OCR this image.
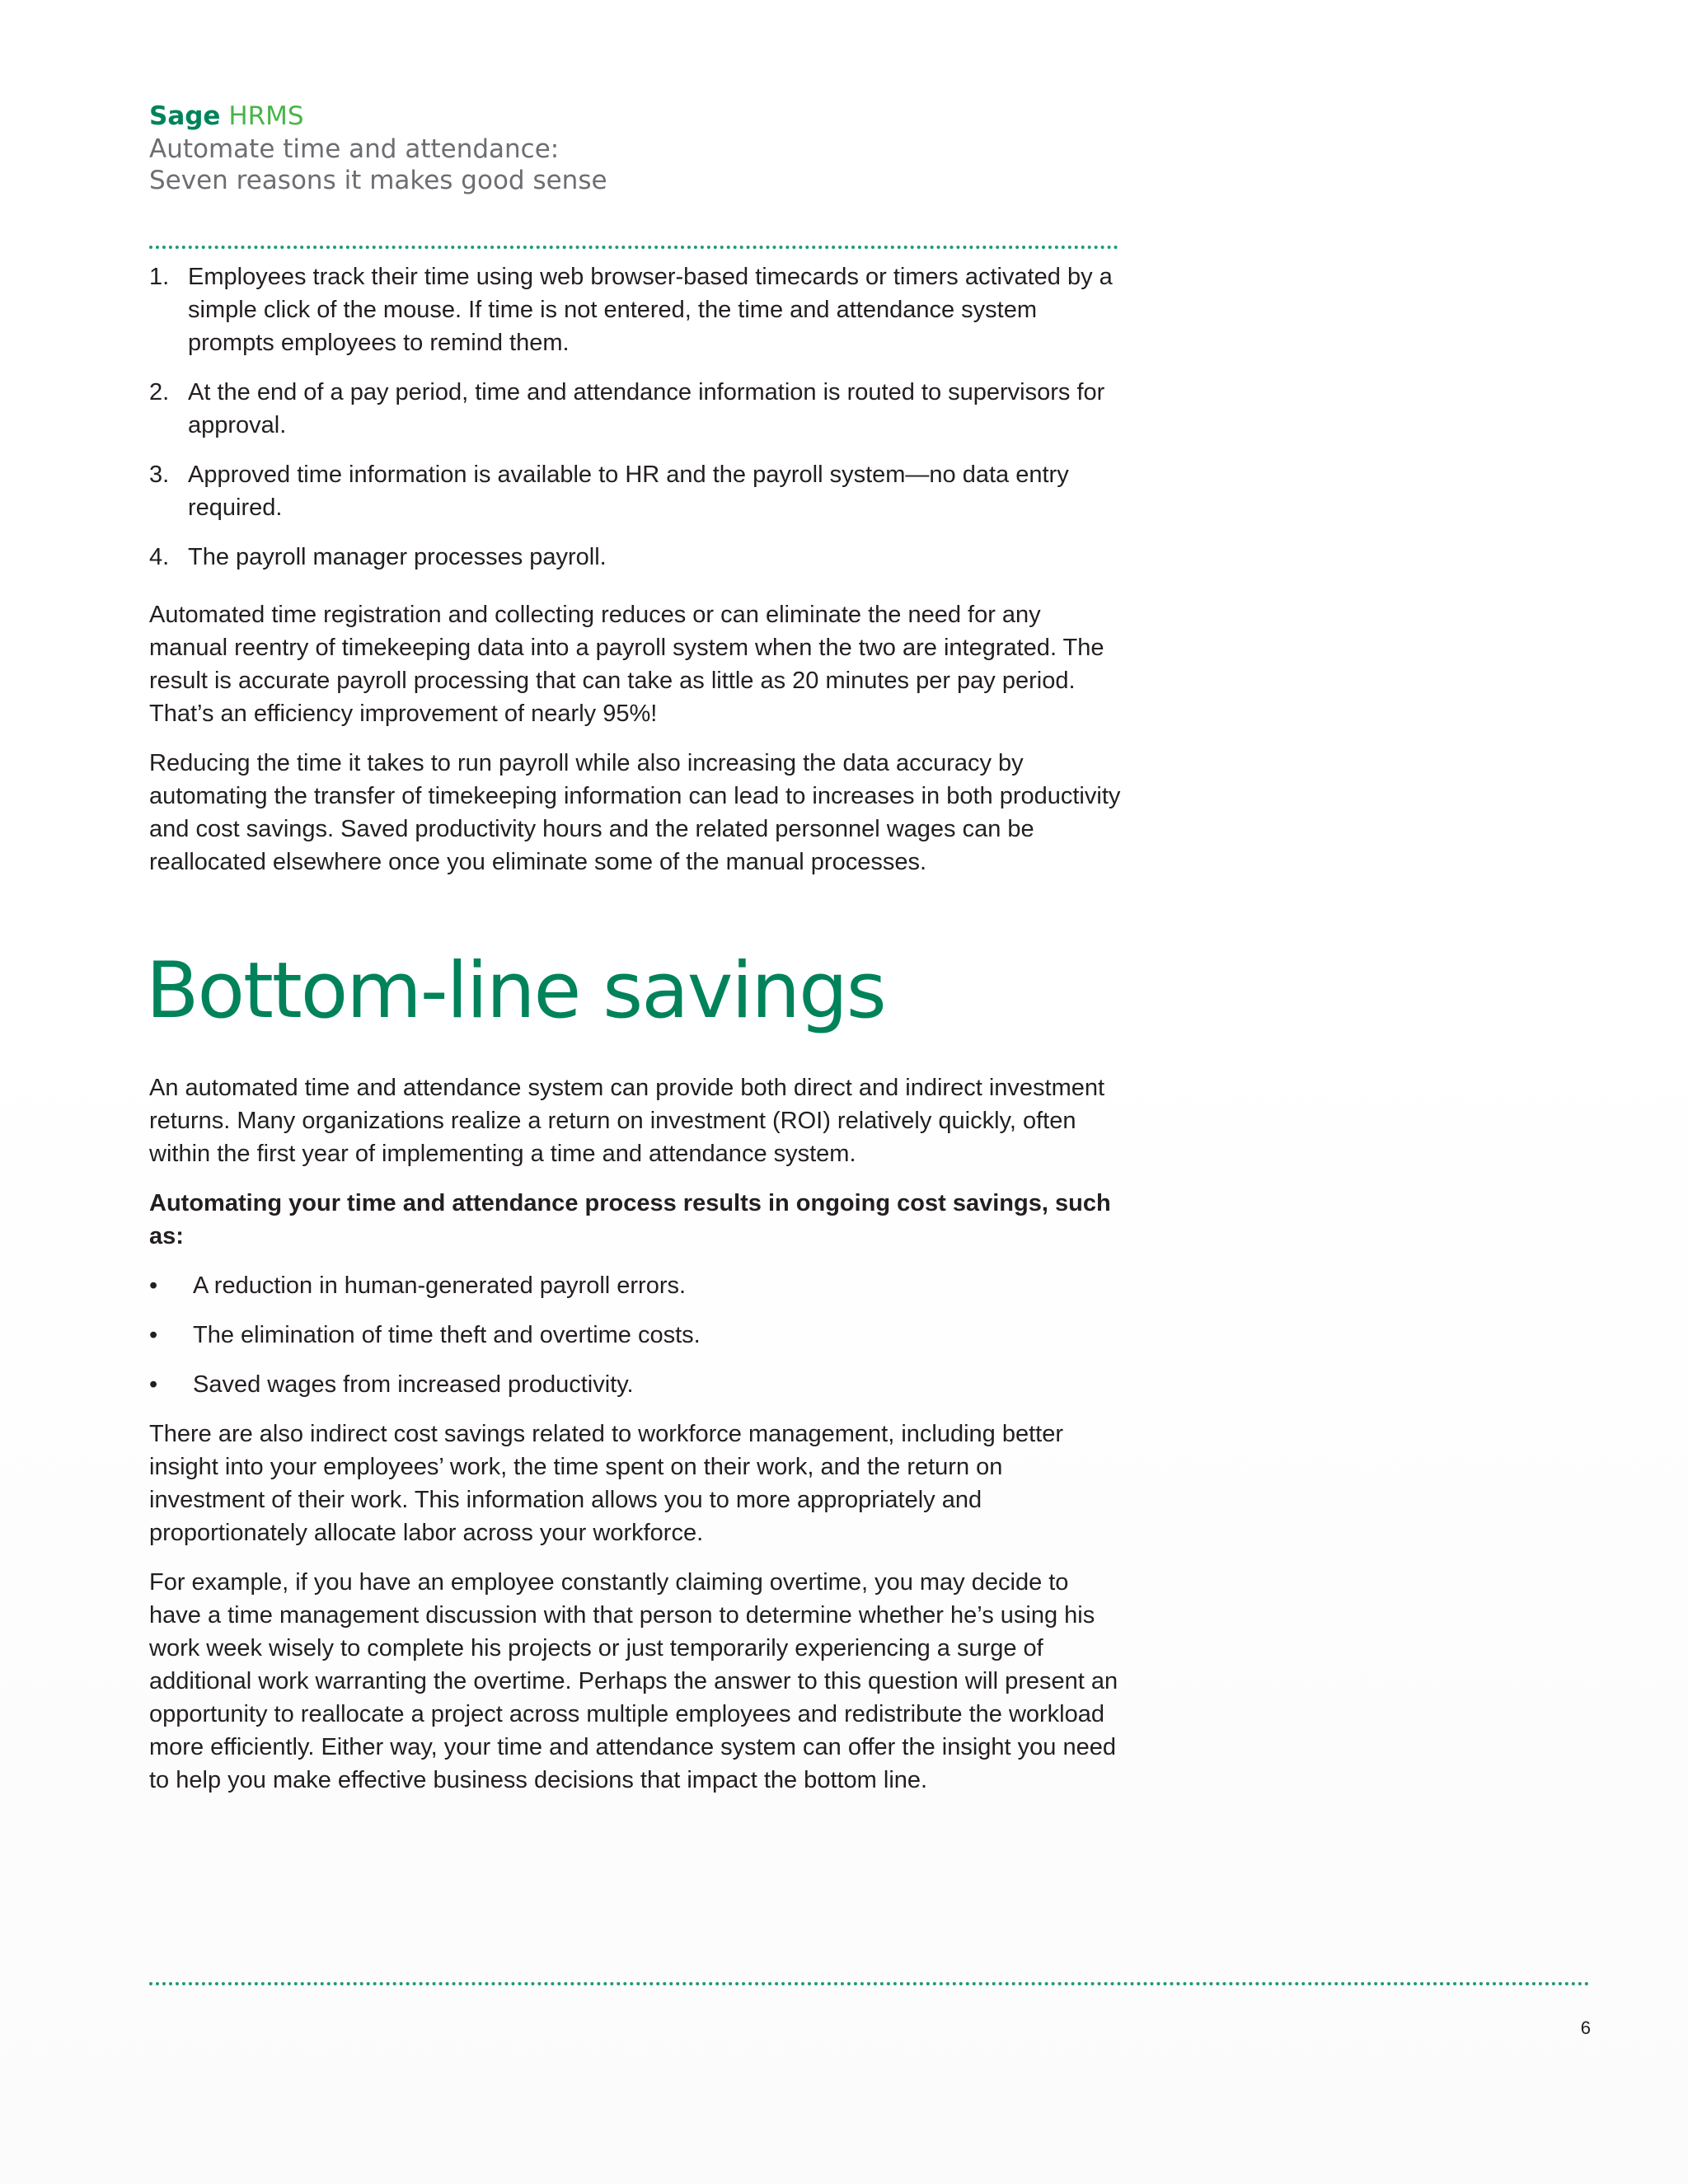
Sage HRMS

Automate time and attendance:

Seven reasons it makes good sense

1. Employees track their time using web browser-based timecards or timers activated by a simple click of the mouse. If time is not entered, the time and attendance system prompts employees to remind them.
2. At the end of a pay period, time and attendance information is routed to supervisors for approval.
3. Approved time information is available to HR and the payroll system—no data entry required.
4. The payroll manager processes payroll.

Automated time registration and collecting reduces or can eliminate the need for any manual reentry of timekeeping data into a payroll system when the two are integrated. The result is accurate payroll processing that can take as little as 20 minutes per pay period. That’s an efficiency improvement of nearly 95%!

Reducing the time it takes to run payroll while also increasing the data accuracy by automating the transfer of timekeeping information can lead to increases in both productivity and cost savings. Saved productivity hours and the related personnel wages can be reallocated elsewhere once you eliminate some of the manual processes.

Bottom-line savings

An automated time and attendance system can provide both direct and indirect investment returns. Many organizations realize a return on investment (ROI) relatively quickly, often within the first year of implementing a time and attendance system.

Automating your time and attendance process results in ongoing cost savings, such as:

• A reduction in human-generated payroll errors.
• The elimination of time theft and overtime costs.
• Saved wages from increased productivity.

There are also indirect cost savings related to workforce management, including better insight into your employees’ work, the time spent on their work, and the return on investment of their work. This information allows you to more appropriately and proportionately allocate labor across your workforce.

For example, if you have an employee constantly claiming overtime, you may decide to have a time management discussion with that person to determine whether he’s using his work week wisely to complete his projects or just temporarily experiencing a surge of additional work warranting the overtime. Perhaps the answer to this question will present an opportunity to reallocate a project across multiple employees and redistribute the workload more efficiently. Either way, your time and attendance system can offer the insight you need to help you make effective business decisions that impact the bottom line.

6
